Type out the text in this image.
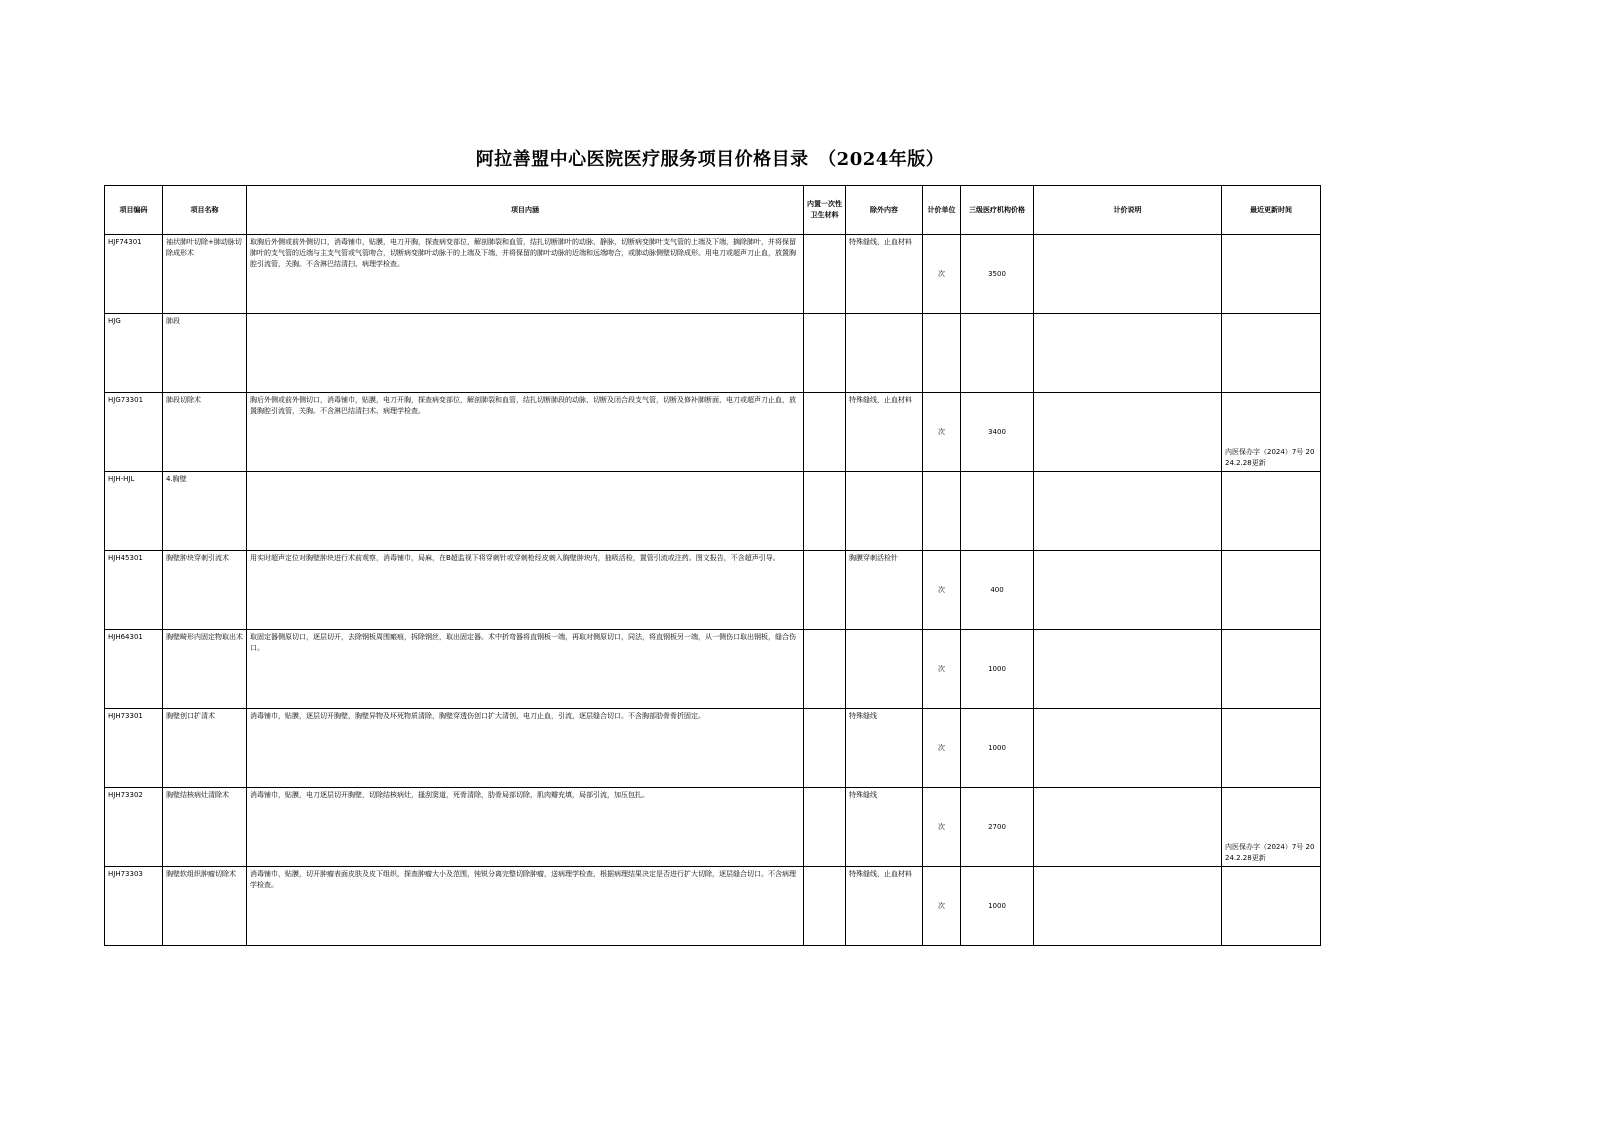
阿拉善盟中心医院医疗服务项目价格目录　（2024年版）
项目编码	项目名称	项目内涵	内置一次性卫生材料	除外内容	计价单位	三级医疗机构价格	计价说明	最近更新时间
HJF74301	袖状肺叶切除+肺动脉切除成形术	取胸后外侧或前外侧切口，消毒铺巾，贴膜，电刀开胸，探查病变部位，解剖肺裂和血管，结扎切断肺叶的动脉，静脉，切断病变肺叶支气管的上端及下端，摘除肺叶，并将保留肺叶的支气管的近端与主支气管或气管吻合，切断病变肺叶动脉干的上端及下端，并将保留的肺叶动脉的近端和远端吻合，或肺动脉侧壁切除成形。用电刀或超声刀止血，放置胸腔引流管，关胸。不含淋巴结清扫、病理学检查。		特殊缝线，止血材料	次	3500		
HJG	肺段							
HJG73301	肺段切除术	胸后外侧或前外侧切口，消毒铺巾，贴膜，电刀开胸，探查病变部位，解剖肺裂和血管，结扎切断肺段的动脉，切断及闭合段支气管，切断及修补肺断面，电刀或超声刀止血，放置胸腔引流管，关胸。不含淋巴结清扫术、病理学检查。		特殊缝线，止血材料	次	3400		内医保办字（2024）7号 2024.2.28更新
HJH-HJL	4.胸壁							
HJH45301	胸壁肿块穿刺引流术	用实时超声定位对胸壁肿块进行术前观察，消毒铺巾，局麻，在B超监视下将穿刺针或穿刺枪经皮刺入胸壁肿块内，抽吸活检，置管引流或注药。图文报告，不含超声引导。		胸膜穿刺活检针	次	400		
HJH64301	胸壁畸形内固定物取出术	取固定器侧原切口，逐层切开，去除钢板周围瘢痕，拆除钢丝，取出固定器。术中折弯器将直钢板一端，再取对侧原切口，同法，将直钢板另一端，从一侧伤口取出钢板，缝合伤口。			次	1000		
HJH73301	胸壁创口扩清术	消毒铺巾，贴膜，逐层切开胸壁，胸壁异物及坏死物质清除，胸壁穿透伤创口扩大清创，电刀止血，引流，逐层缝合切口。不含胸部肋骨骨折固定。		特殊缝线	次	1000		
HJH73302	胸壁结核病灶清除术	消毒铺巾，贴膜，电刀逐层切开胸壁，切除结核病灶，搔刮窦道，死骨清除，肋骨局部切除，肌肉瓣充填，局部引流，加压包扎。		特殊缝线	次	2700		内医保办字（2024）7号 2024.2.28更新
HJH73303	胸壁软组织肿瘤切除术	消毒铺巾，贴膜，切开肿瘤表面皮肤及皮下组织，探查肿瘤大小及范围，钝锐分离完整切除肿瘤，送病理学检查，根据病理结果决定是否进行扩大切除，逐层缝合切口。不含病理学检查。		特殊缝线，止血材料	次	1000		
